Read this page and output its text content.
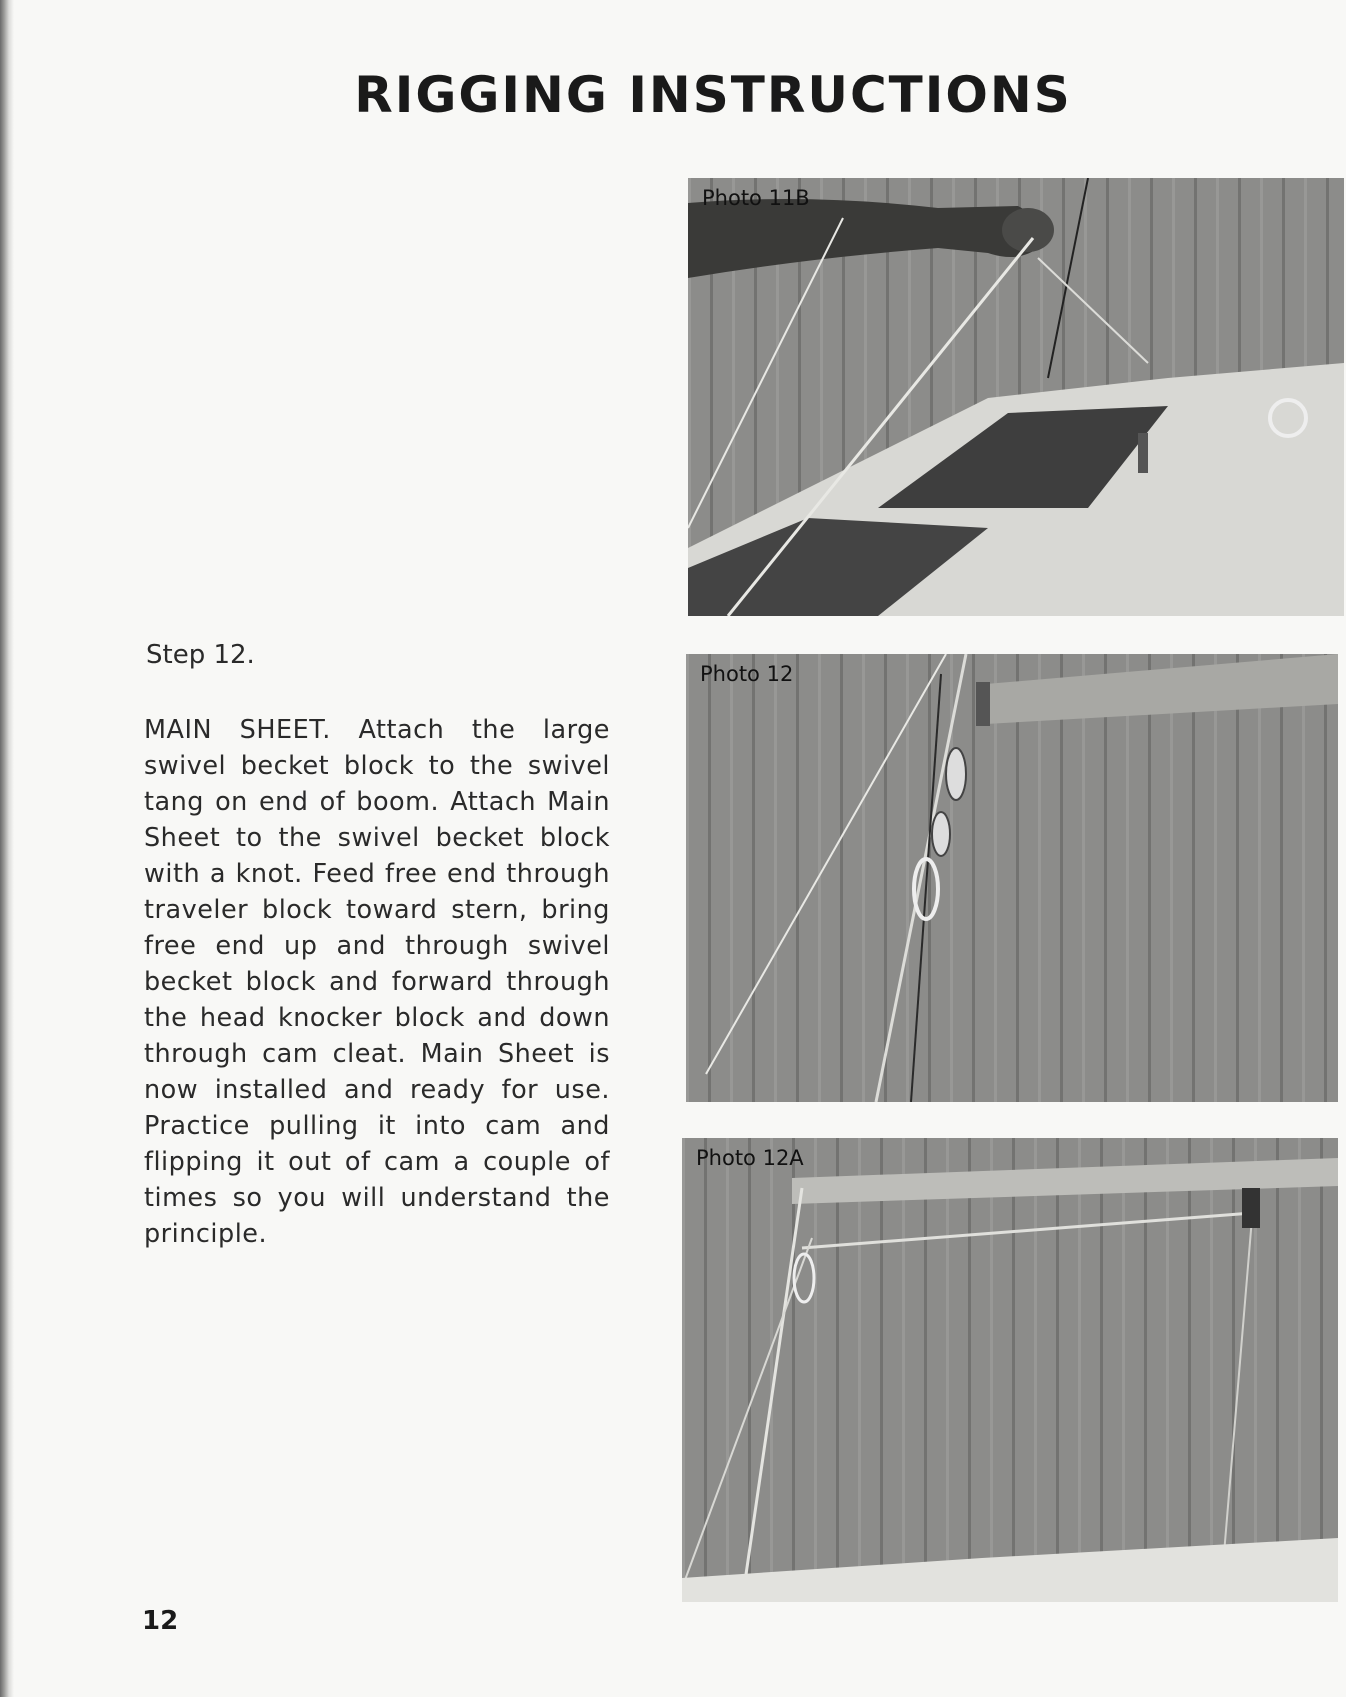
RIGGING INSTRUCTIONS
Step 12.

MAIN SHEET. Attach the large swivel becket block to the swivel tang on end of boom. Attach Main Sheet to the swivel becket block with a knot. Feed free end through traveler block toward stern, bring free end up and through swivel becket block and forward through the head knocker block and down through cam cleat. Main Sheet is now installed and ready for use. Practice pulling it into cam and flipping it out of cam a couple of times so you will understand the principle.

12
Photo 11B
Photo 12
Photo 12A
